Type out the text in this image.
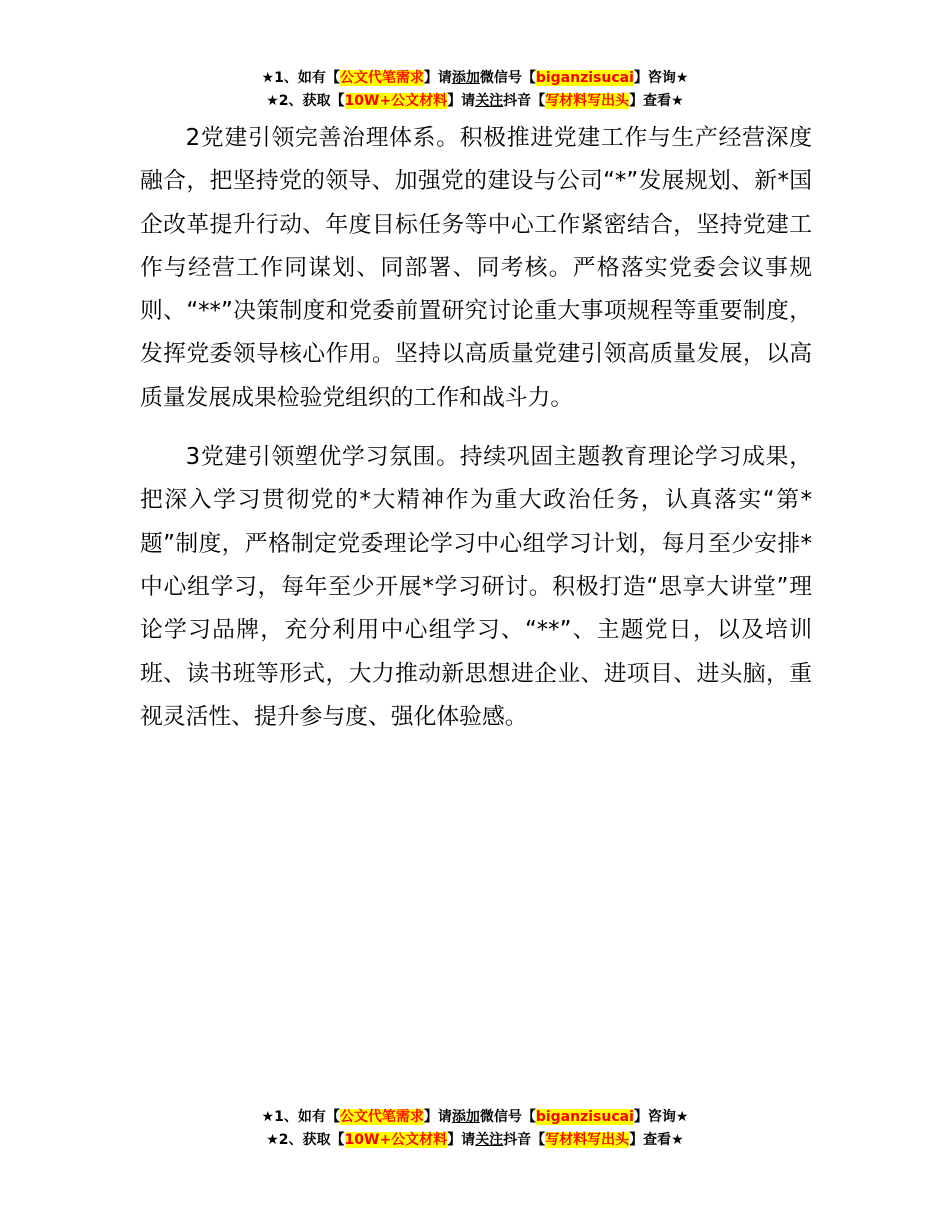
★1、如有【公文代笔需求】请添加微信号【biganzisucai】咨询★
★2、获取【10W+公文材料】请关注抖音【写材料写出头】查看★

2党建引领完善治理体系。积极推进党建工作与生产经营深度融合，把坚持党的领导、加强党的建设与公司“*”发展规划、新*国企改革提升行动、年度目标任务等中心工作紧密结合，坚持党建工作与经营工作同谋划、同部署、同考核。严格落实党委会议事规则、“**”决策制度和党委前置研究讨论重大事项规程等重要制度，发挥党委领导核心作用。坚持以高质量党建引领高质量发展，以高质量发展成果检验党组织的工作和战斗力。

3党建引领塑优学习氛围。持续巩固主题教育理论学习成果，把深入学习贯彻党的*大精神作为重大政治任务，认真落实“第*题”制度，严格制定党委理论学习中心组学习计划，每月至少安排*中心组学习，每年至少开展*学习研讨。积极打造“思享大讲堂”理论学习品牌，充分利用中心组学习、“**”、主题党日，以及培训班、读书班等形式，大力推动新思想进企业、进项目、进头脑，重视灵活性、提升参与度、强化体验感。

★1、如有【公文代笔需求】请添加微信号【biganzisucai】咨询★
★2、获取【10W+公文材料】请关注抖音【写材料写出头】查看★
